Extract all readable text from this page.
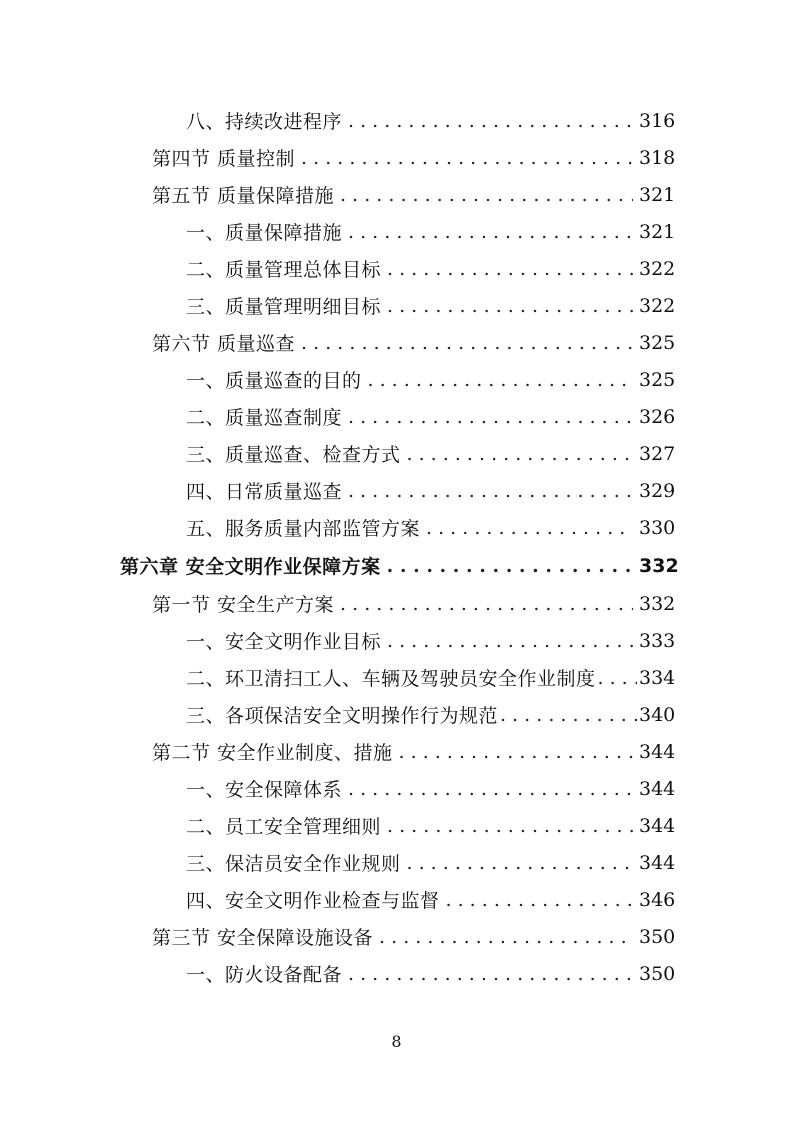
八、持续改进程序 . . .	316
第四节 质量控制 . . .	318
第五节 质量保障措施 . . .	321
一、质量保障措施 . . .	321
二、质量管理总体目标 . . .	322
三、质量管理明细目标 . . .	322
第六节 质量巡查 . . .	325
一、质量巡查的目的 . . .	325
二、质量巡查制度 . . .	326
三、质量巡查、检查方式 . . .	327
四、日常质量巡查 . . .	329
五、服务质量内部监管方案 . . .	330
第六章 安全文明作业保障方案 . . .	332
第一节 安全生产方案 . . .	332
一、安全文明作业目标 . . .	333
二、环卫清扫工人、车辆及驾驶员安全作业制度 . . . 334
三、各项保洁安全文明操作行为规范 . . .	340
第二节 安全作业制度、措施 . . .	344
一、安全保障体系 . . .	344
二、员工安全管理细则 . . .	344
三、保洁员安全作业规则 . . .	344
四、安全文明作业检查与监督 . . .	346
第三节 安全保障设施设备 . . .	350
一、防火设备配备 . . .	350
8
